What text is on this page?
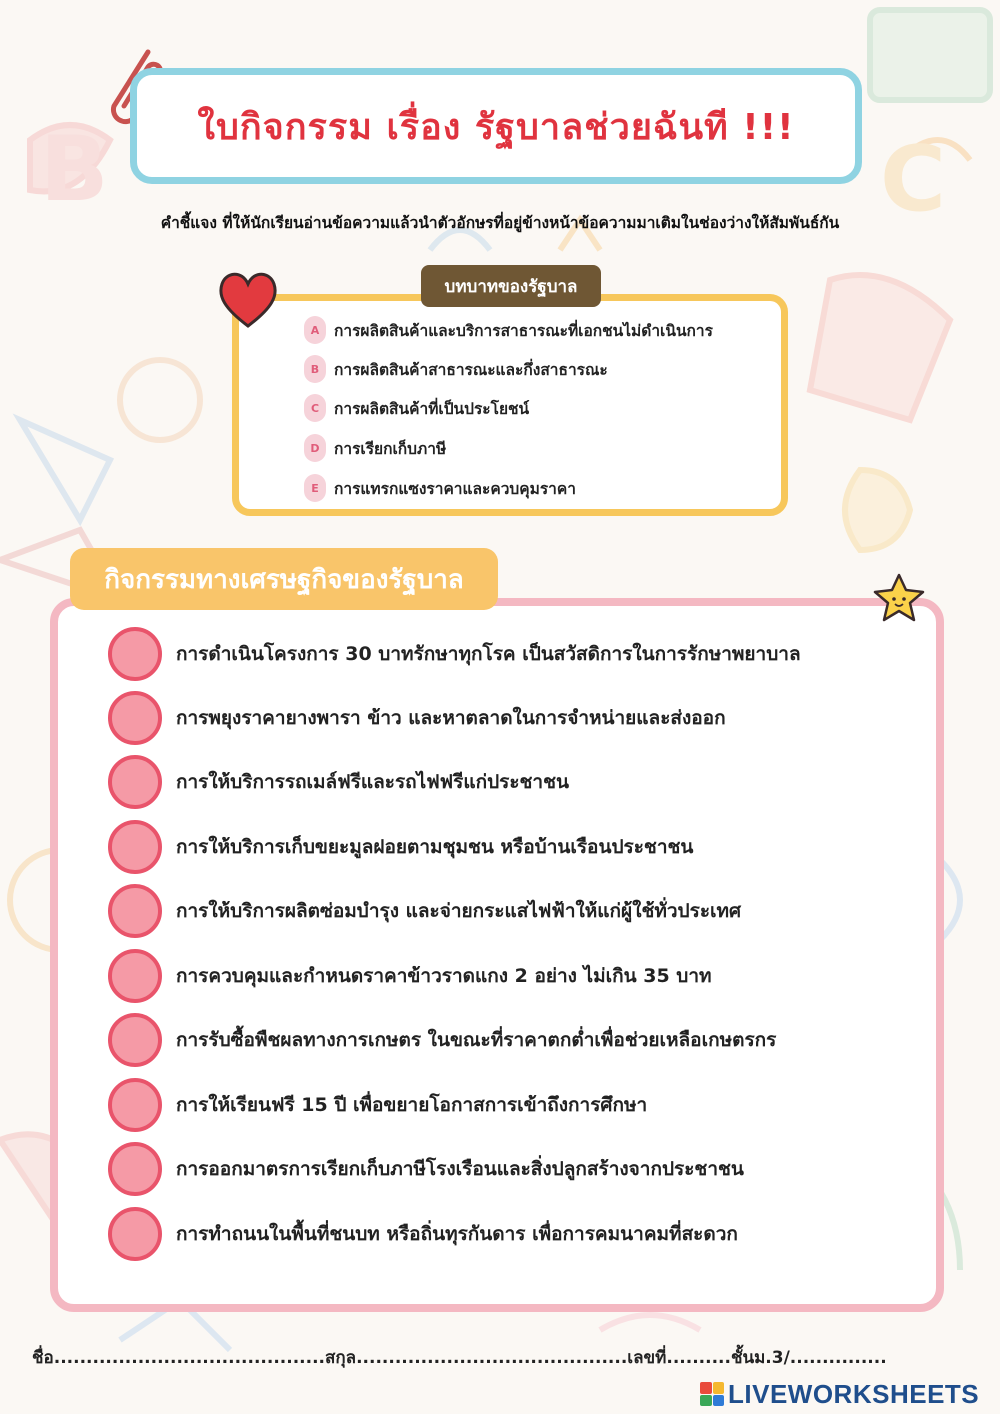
B	C
ใบกิจกรรม เรื่อง รัฐบาลช่วยฉันที !!!
คำชี้แจง ที่ให้นักเรียนอ่านข้อความแล้วนำตัวอักษรที่อยู่ข้างหน้าข้อความมาเติมในช่องว่างให้สัมพันธ์กัน
บทบาทของรัฐบาล
A การผลิตสินค้าและบริการสาธารณะที่เอกชนไม่ดำเนินการ
B การผลิตสินค้าสาธารณะและกึ่งสาธารณะ
C การผลิตสินค้าที่เป็นประโยชน์
D การเรียกเก็บภาษี
E การแทรกแซงราคาและควบคุมราคา
กิจกรรมทางเศรษฐกิจของรัฐบาล
การดำเนินโครงการ 30 บาทรักษาทุกโรค เป็นสวัสดิการในการรักษาพยาบาล
การพยุงราคายางพารา ข้าว และหาตลาดในการจำหน่ายและส่งออก
การให้บริการรถเมล์ฟรีและรถไฟฟรีแก่ประชาชน
การให้บริการเก็บขยะมูลฝอยตามชุมชน หรือบ้านเรือนประชาชน
การให้บริการผลิตซ่อมบำรุง และจ่ายกระแสไฟฟ้าให้แก่ผู้ใช้ทั่วประเทศ
การควบคุมและกำหนดราคาข้าวราดแกง 2 อย่าง ไม่เกิน 35 บาท
การรับซื้อพืชผลทางการเกษตร ในขณะที่ราคาตกต่ำเพื่อช่วยเหลือเกษตรกร
การให้เรียนฟรี 15 ปี เพื่อขยายโอกาสการเข้าถึงการศึกษา
การออกมาตรการเรียกเก็บภาษีโรงเรือนและสิ่งปลูกสร้างจากประชาชน
การทำถนนในพื้นที่ชนบท หรือถิ่นทุรกันดาร เพื่อการคมนาคมที่สะดวก
ชื่อ..........................................สกุล..........................................เลขที่..........ชั้นม.3/...............
LIVEWORKSHEETS
